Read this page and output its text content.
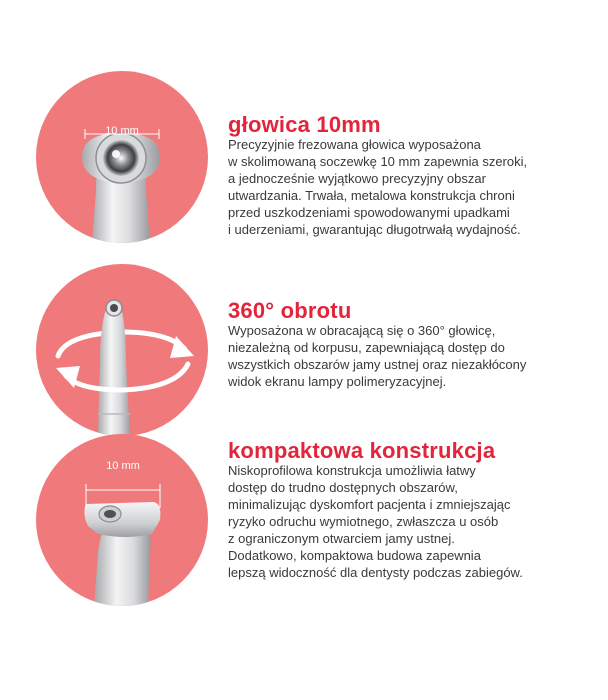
10 mm	głowica 10mm

Precyzyjnie frezowana głowica wyposażona
w skolimowaną soczewkę 10 mm zapewnia szeroki,
a jednocześnie wyjątkowo precyzyjny obszar
utwardzania. Trwała, metalowa konstrukcja chroni
przed uszkodzeniami spowodowanymi upadkami
i uderzeniami, gwarantując długotrwałą wydajność.

360° obrotu

Wyposażona w obracającą się o 360° głowicę,
niezależną od korpusu, zapewniającą dostęp do
wszystkich obszarów jamy ustnej oraz niezakłócony
widok ekranu lampy polimeryzacyjnej.

10 mm
kompaktowa konstrukcja

Niskoprofilowa konstrukcja umożliwia łatwy
dostęp do trudno dostępnych obszarów,
minimalizując dyskomfort pacjenta i zmniejszając
ryzyko odruchu wymiotnego, zwłaszcza u osób
z ograniczonym otwarciem jamy ustnej.
Dodatkowo, kompaktowa budowa zapewnia
lepszą widoczność dla dentysty podczas zabiegów.
